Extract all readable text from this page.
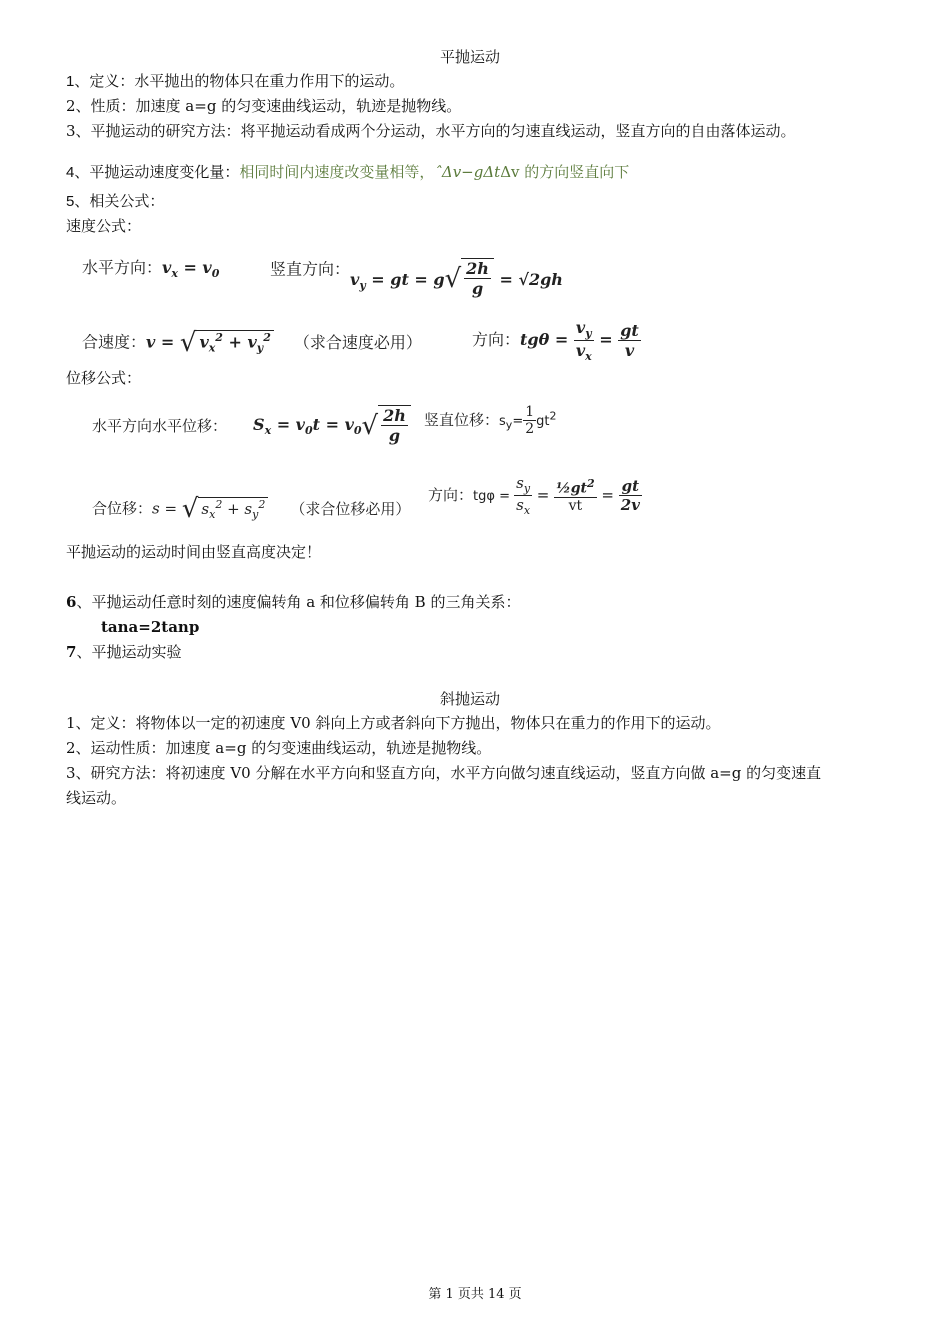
平抛运动
1、定义：水平抛出的物体只在重力作用下的运动。
2、性质：加速度 a=g 的匀变速曲线运动，轨迹是抛物线。
3、平抛运动的研究方法：将平抛运动看成两个分运动，水平方向的匀速直线运动，竖直方向的自由落体运动。
4、平抛运动速度变化量：相同时间内速度改变量相等，ˆΔv−gΔtΔv 的方向竖直向下
5、相关公式：
速度公式：
水平方向：$v_x = v_0$	竖直方向：$v_y$ = gt = $g√ \frac{2h}{g} = √2gh$
合速度：v = √ $v_x^2 + v_y^2$ （求合速度必用）	方向：$tg\theta = \frac{v_y}{v_x} = \frac{gt}{v}$
位移公式：
水平方向水平位移： $S_x = v_0t = v_0√ \frac{2h}{g}$ 竖直位移：$s_y= \frac{1}{2} gt^2$
合位移：s = √ $s_x^2 + s_y^2$ （求合位移必用）
方向：$tg\varphi = \frac{s_y}{s_x} = \frac{\frac{1}{2}gt^2}{vt} = \frac{gt}{2v}$
平抛运动的运动时间由竖直高度决定！
6、平抛运动任意时刻的速度偏转角 a 和位移偏转角 B 的三角关系：
tana=2tanp
7、平抛运动实验
斜抛运动
1、定义：将物体以一定的初速度 V0 斜向上方或者斜向下方抛出，物体只在重力的作用下的运动。
2、运动性质：加速度 a=g 的匀变速曲线运动，轨迹是抛物线。
3、研究方法：将初速度 V0 分解在水平方向和竖直方向，水平方向做匀速直线运动，竖直方向做 a=g 的匀变速直
线运动。
第 1 页共 14 页
